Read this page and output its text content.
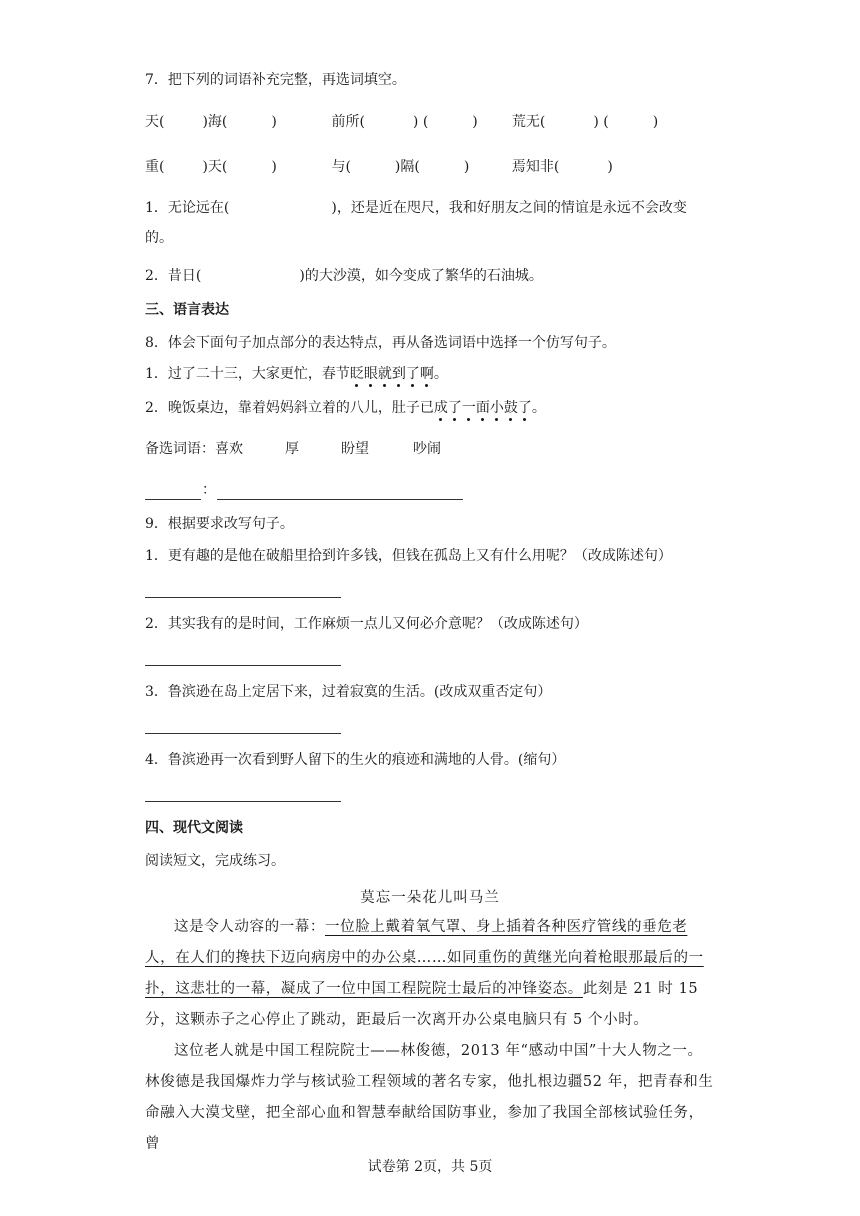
7．把下列的词语补充完整，再选词填空。
天(	)海(	)	前所(	) (	) 荒无(	) (	)
重(	)天(	)	与(	)隔(	)	焉知非(	)
1．无论远在(	)，还是近在咫尺，我和好朋友之间的情谊是永远不会改变
的。
2．昔日(	)的大沙漠，如今变成了繁华的石油城。
三、语言表达
8．体会下面句子加点部分的表达特点，再从备选词语中选择一个仿写句子。
1．过了二十三，大家更忙，春节眨眼就到了啊。
2．晚饭桌边，靠着妈妈斜立着的八儿，肚子已成了一面小鼓了。
备选词语：喜欢	厚	盼望	吵闹
：
9．根据要求改写句子。
1．更有趣的是他在破船里拾到许多钱，但钱在孤岛上又有什么用呢？（改成陈述句）
2．其实我有的是时间，工作麻烦一点儿又何必介意呢？（改成陈述句）
3．鲁滨逊在岛上定居下来，过着寂寞的生活。(改成双重否定句）
4．鲁滨逊再一次看到野人留下的生火的痕迹和满地的人骨。(缩句）
四、现代文阅读
阅读短文，完成练习。
莫忘一朵花儿叫马兰

这是令人动容的一幕：一位脸上戴着氧气罩、身上插着各种医疗管线的垂危老人，在人们的搀扶下迈向病房中的办公桌……如同重伤的黄继光向着枪眼那最后的一扑，这悲壮的一幕，凝成了一位中国工程院院士最后的冲锋姿态。此刻是 21 时 15 分，这颗赤子之心停止了跳动，距最后一次离开办公桌电脑只有 5 个小时。

这位老人就是中国工程院院士——林俊德，2013 年“感动中国”十大人物之一。林俊德是我国爆炸力学与核试验工程领域的著名专家，他扎根边疆52 年，把青春和生命融入大漠戈壁，把全部心血和智慧奉献给国防事业，参加了我国全部核试验任务，曾

试卷第 2页，共 5页
